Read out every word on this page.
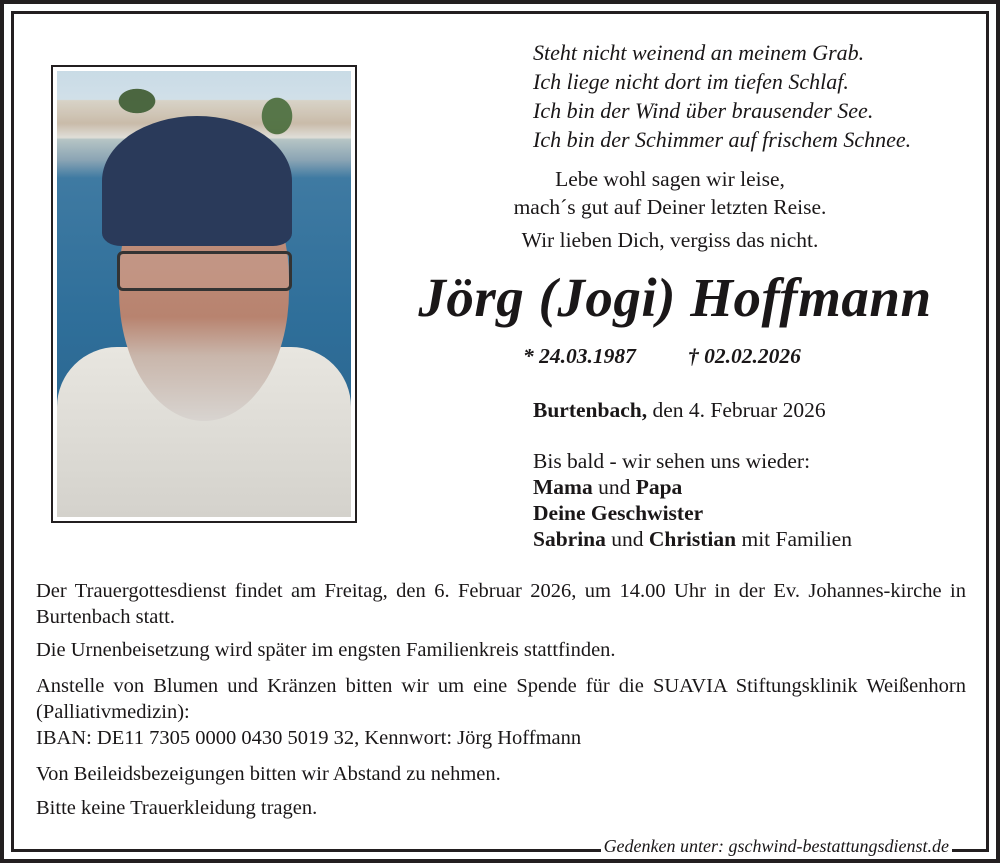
Steht nicht weinend an meinem Grab.
Ich liege nicht dort im tiefen Schlaf.
Ich bin der Wind über brausender See.
Ich bin der Schimmer auf frischem Schnee.
Lebe wohl sagen wir leise,
mach´s gut auf Deiner letzten Reise.
Wir lieben Dich, vergiss das nicht.
Jörg (Jogi) Hoffmann
* 24.03.1987 † 02.02.2026
Burtenbach, den 4. Februar 2026
Bis bald - wir sehen uns wieder:
Mama und Papa
Deine Geschwister
Sabrina und Christian mit Familien
Der Trauergottesdienst findet am Freitag, den 6. Februar 2026, um 14.00 Uhr in der Ev. Johannes-kirche in Burtenbach statt.
Die Urnenbeisetzung wird später im engsten Familienkreis stattfinden.
Anstelle von Blumen und Kränzen bitten wir um eine Spende für die SUAVIA Stiftungsklinik Weißenhorn (Palliativmedizin):
IBAN: DE11 7305 0000 0430 5019 32, Kennwort: Jörg Hoffmann
Von Beileidsbezeigungen bitten wir Abstand zu nehmen.
Bitte keine Trauerkleidung tragen.
Gedenken unter: gschwind-bestattungsdienst.de
